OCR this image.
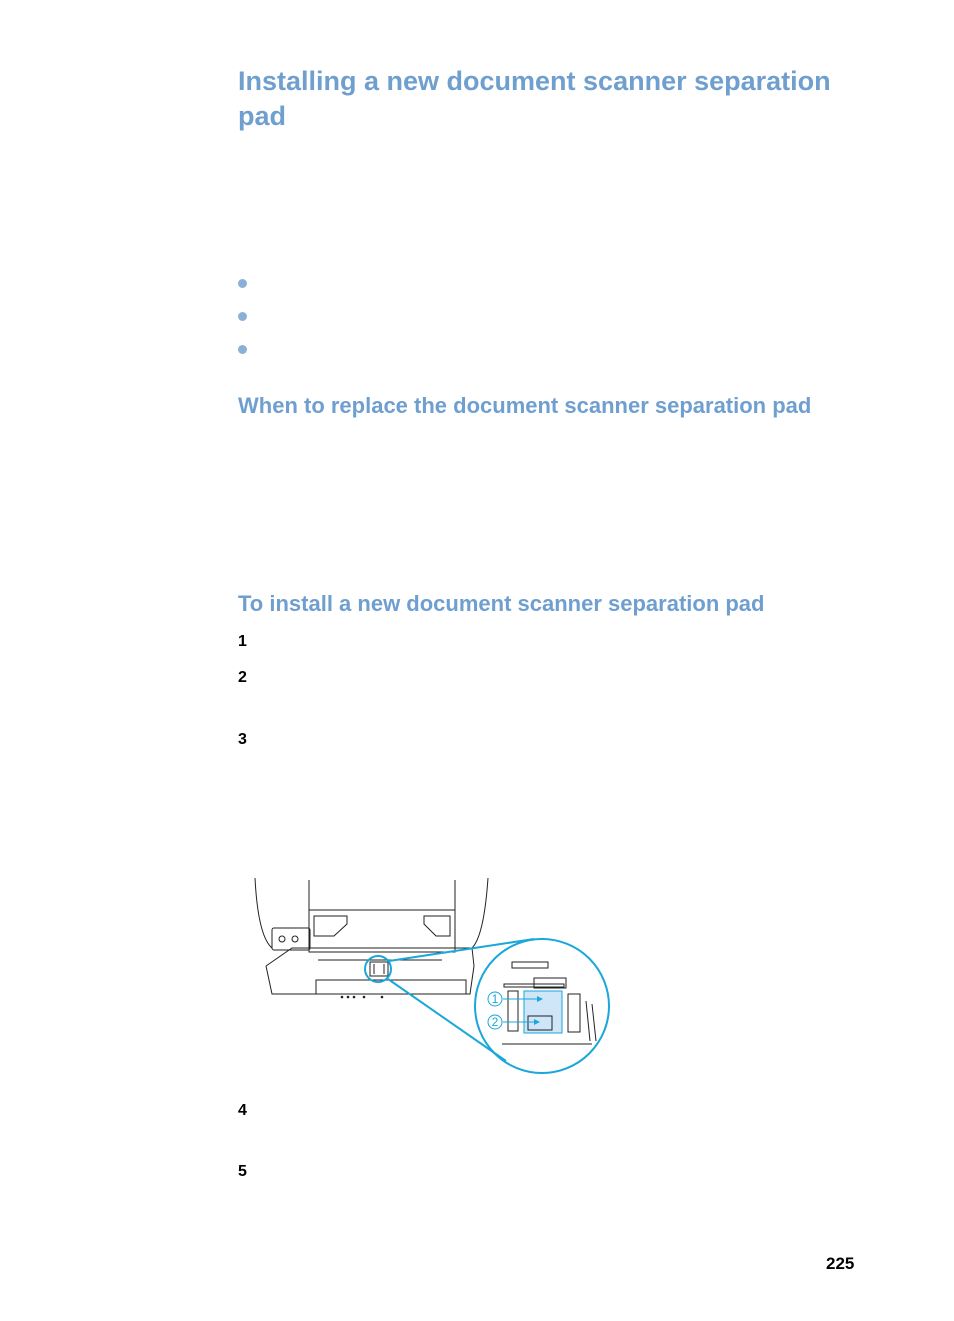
Installing a new document scanner separation pad
When to replace the document scanner separation pad
To install a new document scanner separation pad
1
2
3
1
2
4
5
225
